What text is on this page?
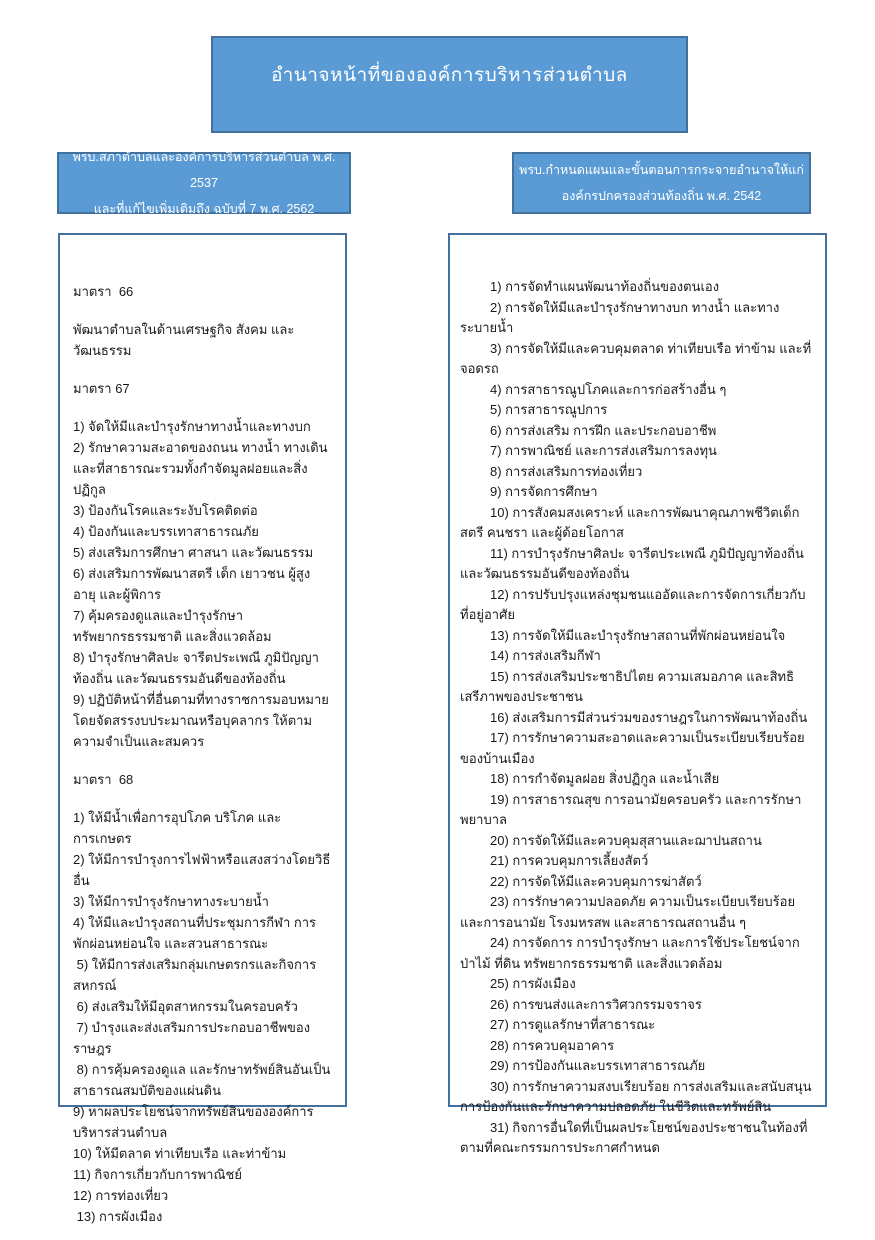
อำนาจหน้าที่ขององค์การบริหารส่วนตำบล
พรบ.สภาตำบลและองค์การบริหารส่วนตำบล พ.ศ. 2537
และที่แก้ไขเพิ่มเติมถึง ฉบับที่ 7 พ.ศ. 2562
พรบ.กำหนดแผนและขั้นตอนการกระจายอำนาจให้แก่
องค์กรปกครองส่วนท้องถิ่น พ.ศ. 2542

มาตรา  66

พัฒนาตำบลในด้านเศรษฐกิจ สังคม และวัฒนธรรม

มาตรา 67

1) จัดให้มีและบำรุงรักษาทางน้ำและทางบก

2) รักษาความสะอาดของถนน ทางน้ำ ทางเดิน และที่สาธารณะรวมทั้งกำจัดมูลฝอยและสิ่งปฏิกูล

3) ป้องกันโรคและระงับโรคติดต่อ

4) ป้องกันและบรรเทาสาธารณภัย

5) ส่งเสริมการศึกษา ศาสนา และวัฒนธรรม

6) ส่งเสริมการพัฒนาสตรี เด็ก เยาวชน ผู้สูงอายุ และผู้พิการ

7) คุ้มครองดูแลและบำรุงรักษาทรัพยากรธรรมชาติ และสิ่งแวดล้อม

8) บำรุงรักษาศิลปะ จารีตประเพณี ภูมิปัญญาท้องถิ่น และวัฒนธรรมอันดีของท้องถิ่น

9) ปฏิบัติหน้าที่อื่นตามที่ทางราชการมอบหมายโดยจัดสรรงบประมาณหรือบุคลากร ให้ตามความจำเป็นและสมควร

มาตรา  68

1) ให้มีน้ำเพื่อการอุปโภค บริโภค และการเกษตร

2) ให้มีการบำรุงการไฟฟ้าหรือแสงสว่างโดยวิธีอื่น

3) ให้มีการบำรุงรักษาทางระบายน้ำ

4) ให้มีและบำรุงสถานที่ประชุมการกีฬา การพักผ่อนหย่อนใจ และสวนสาธารณะ

5) ให้มีการส่งเสริมกลุ่มเกษตรกรและกิจการสหกรณ์

6) ส่งเสริมให้มีอุตสาหกรรมในครอบครัว

7) บำรุงและส่งเสริมการประกอบอาชีพของราษฎร

8) การคุ้มครองดูแล และรักษาทรัพย์สินอันเป็นสาธารณสมบัติของแผ่นดิน

9) หาผลประโยชน์จากทรัพย์สินขององค์การบริหารส่วนตำบล

10) ให้มีตลาด ท่าเทียบเรือ และท่าข้าม

11) กิจการเกี่ยวกับการพาณิชย์

12) การท่องเที่ยว

13) การผังเมือง

1) การจัดทำแผนพัฒนาท้องถิ่นของตนเอง

2) การจัดให้มีและบำรุงรักษาทางบก ทางน้ำ และทางระบายน้ำ

3) การจัดให้มีและควบคุมตลาด ท่าเทียบเรือ ท่าข้าม และที่จอดรถ

4) การสาธารณูปโภคและการก่อสร้างอื่น ๆ

5) การสาธารณูปการ

6) การส่งเสริม การฝึก และประกอบอาชีพ

7) การพาณิชย์ และการส่งเสริมการลงทุน

8) การส่งเสริมการท่องเที่ยว

9) การจัดการศึกษา

10) การสังคมสงเคราะห์ และการพัฒนาคุณภาพชีวิตเด็ก สตรี คนชรา และผู้ด้อยโอกาส

11) การบำรุงรักษาศิลปะ จารีตประเพณี ภูมิปัญญาท้องถิ่น และวัฒนธรรมอันดีของท้องถิ่น

12) การปรับปรุงแหล่งชุมชนแออัดและการจัดการเกี่ยวกับที่อยู่อาศัย

13) การจัดให้มีและบำรุงรักษาสถานที่พักผ่อนหย่อนใจ

14) การส่งเสริมกีฬา

15) การส่งเสริมประชาธิปไตย ความเสมอภาค และสิทธิเสรีภาพของประชาชน

16) ส่งเสริมการมีส่วนร่วมของราษฎรในการพัฒนาท้องถิ่น

17) การรักษาความสะอาดและความเป็นระเบียบเรียบร้อยของบ้านเมือง

18) การกำจัดมูลฝอย สิ่งปฏิกูล และน้ำเสีย

19) การสาธารณสุข การอนามัยครอบครัว และการรักษาพยาบาล

20) การจัดให้มีและควบคุมสุสานและฌาปนสถาน

21) การควบคุมการเลี้ยงสัตว์

22) การจัดให้มีและควบคุมการฆ่าสัตว์

23) การรักษาความปลอดภัย ความเป็นระเบียบเรียบร้อย และการอนามัย โรงมหรสพ และสาธารณสถานอื่น ๆ

24) การจัดการ การบำรุงรักษา และการใช้ประโยชน์จากป่าไม้ ที่ดิน ทรัพยากรธรรมชาติ และสิ่งแวดล้อม

25) การผังเมือง

26) การขนส่งและการวิศวกรรมจราจร

27) การดูแลรักษาที่สาธารณะ

28) การควบคุมอาคาร

29) การป้องกันและบรรเทาสาธารณภัย

30) การรักษาความสงบเรียบร้อย การส่งเสริมและสนับสนุนการป้องกันและรักษาความปลอดภัย ในชีวิตและทรัพย์สิน

31) กิจการอื่นใดที่เป็นผลประโยชน์ของประชาชนในท้องที่ตามที่คณะกรรมการประกาศกำหนด
